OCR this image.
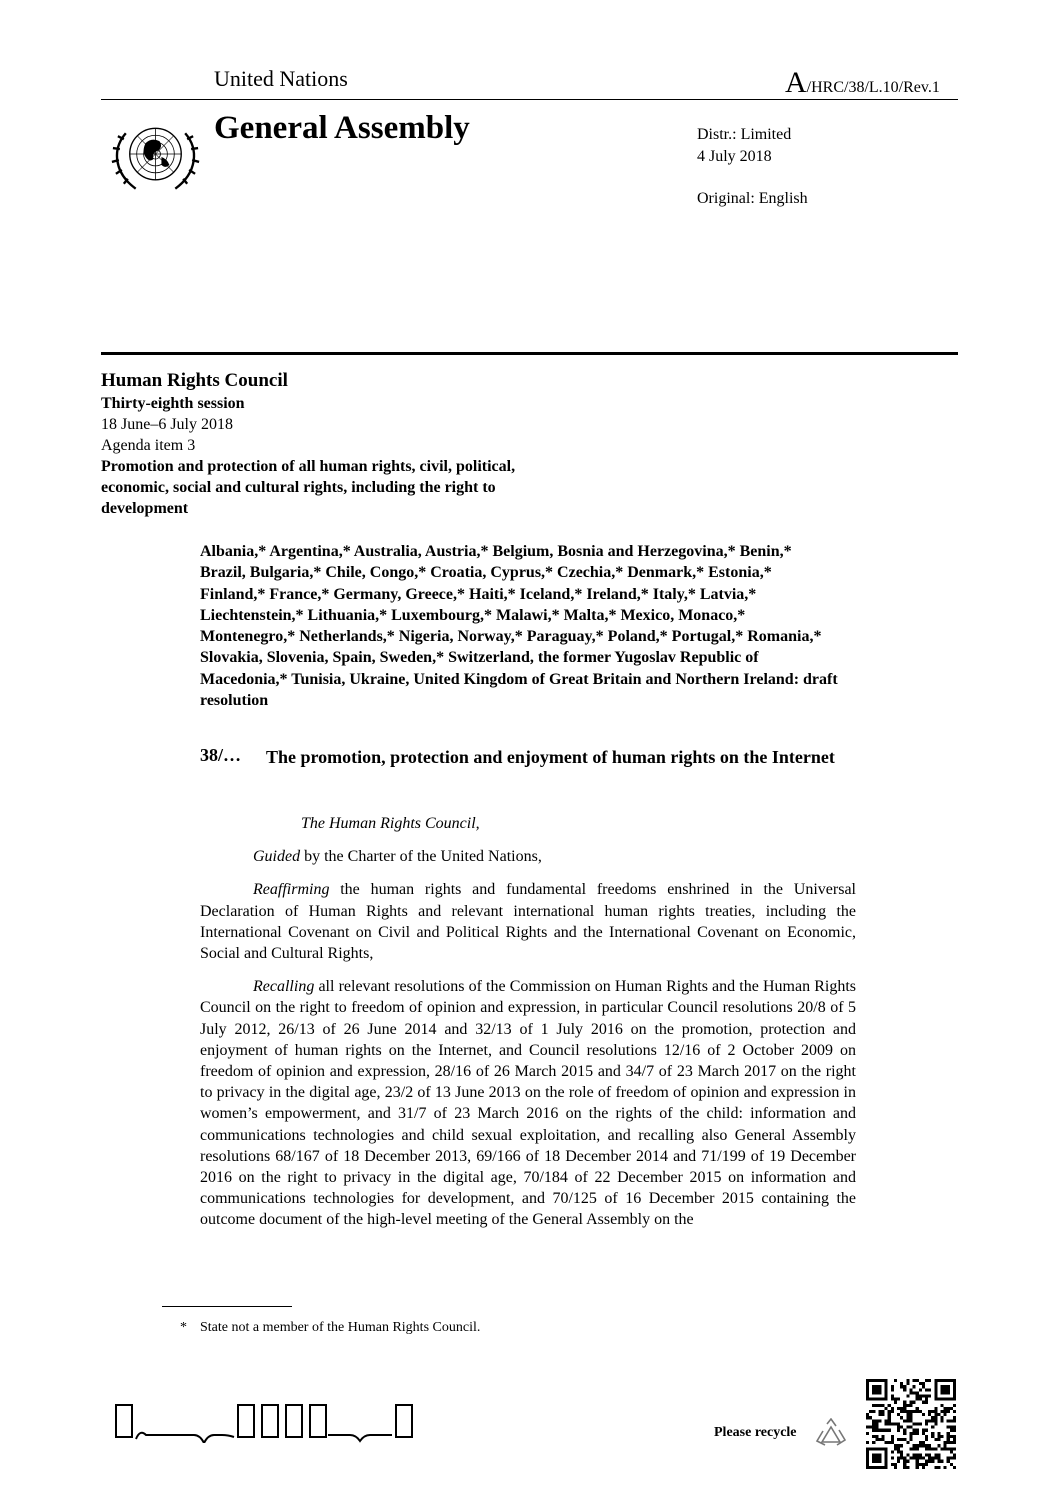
United Nations	A/HRC/38/L.10/Rev.1
General Assembly	Distr.: Limited
4 July 2018
Original: English
Human Rights Council
Thirty-eighth session
18 June–6 July 2018
Agenda item 3
Promotion and protection of all human rights, civil, political, economic, social and cultural rights, including the right to development
Albania,* Argentina,* Australia, Austria,* Belgium, Bosnia and Herzegovina,* Benin,* Brazil, Bulgaria,* Chile, Congo,* Croatia, Cyprus,* Czechia,* Denmark,* Estonia,* Finland,* France,* Germany, Greece,* Haiti,* Iceland,* Ireland,* Italy,* Latvia,* Liechtenstein,* Lithuania,* Luxembourg,* Malawi,* Malta,* Mexico, Monaco,* Montenegro,* Netherlands,* Nigeria, Norway,* Paraguay,* Poland,* Portugal,* Romania,* Slovakia, Slovenia, Spain, Sweden,* Switzerland, the former Yugoslav Republic of Macedonia,* Tunisia, Ukraine, United Kingdom of Great Britain and Northern Ireland: draft resolution
38/… The promotion, protection and enjoyment of human rights on the Internet

The Human Rights Council,

Guided by the Charter of the United Nations,

Reaffirming the human rights and fundamental freedoms enshrined in the Universal Declaration of Human Rights and relevant international human rights treaties, including the International Covenant on Civil and Political Rights and the International Covenant on Economic, Social and Cultural Rights,

Recalling all relevant resolutions of the Commission on Human Rights and the Human Rights Council on the right to freedom of opinion and expression, in particular Council resolutions 20/8 of 5 July 2012, 26/13 of 26 June 2014 and 32/13 of 1 July 2016 on the promotion, protection and enjoyment of human rights on the Internet, and Council resolutions 12/16 of 2 October 2009 on freedom of opinion and expression, 28/16 of 26 March 2015 and 34/7 of 23 March 2017 on the right to privacy in the digital age, 23/2 of 13 June 2013 on the role of freedom of opinion and expression in women’s empowerment, and 31/7 of 23 March 2016 on the rights of the child: information and communications technologies and child sexual exploitation, and recalling also General Assembly resolutions 68/167 of 18 December 2013, 69/166 of 18 December 2014 and 71/199 of 19 December 2016 on the right to privacy in the digital age, 70/184 of 22 December 2015 on information and communications technologies for development, and 70/125 of 16 December 2015 containing the outcome document of the high-level meeting of the General Assembly on the

* State not a member of the Human Rights Council.
Please recycle
